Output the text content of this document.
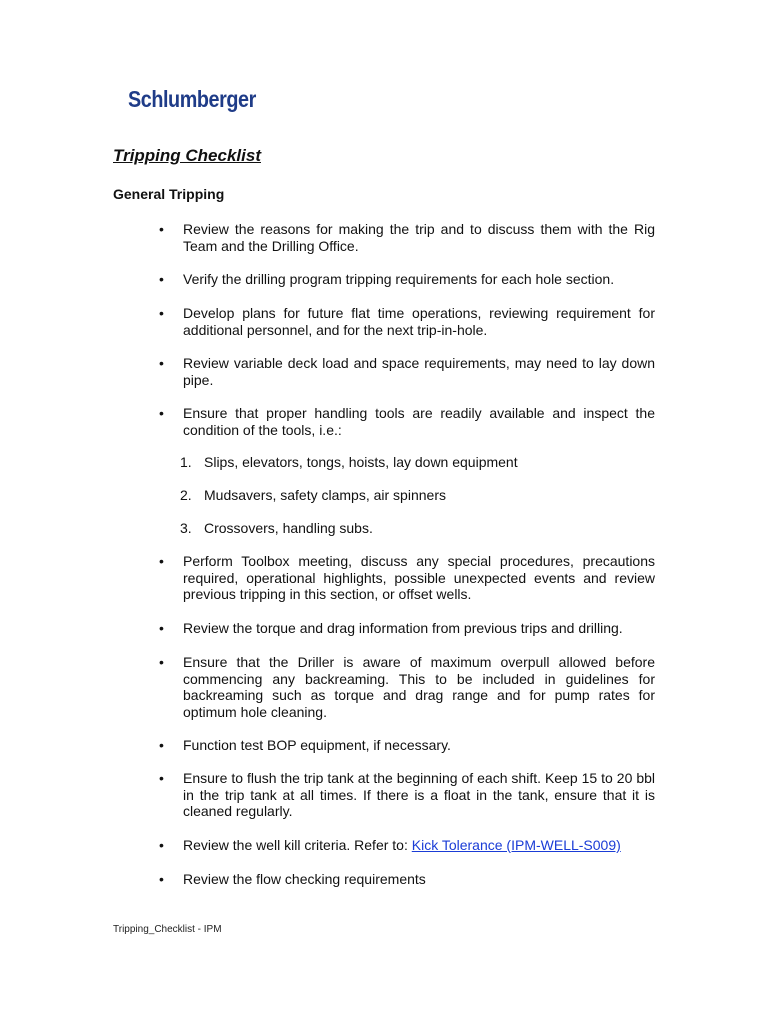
Schlumberger
Tripping Checklist
General Tripping
• Review the reasons for making the trip and to discuss them with the Rig Team and the Drilling Office.
• Verify the drilling program tripping requirements for each hole section.
• Develop plans for future flat time operations, reviewing requirement for additional personnel, and for the next trip-in-hole.
• Review variable deck load and space requirements, may need to lay down pipe.
• Ensure that proper handling tools are readily available and inspect the condition of the tools, i.e.:
1. Slips, elevators, tongs, hoists, lay down equipment
2. Mudsavers, safety clamps, air spinners
3. Crossovers, handling subs.
• Perform Toolbox meeting, discuss any special procedures, precautions required, operational highlights, possible unexpected events and review previous tripping in this section, or offset wells.
• Review the torque and drag information from previous trips and drilling.
• Ensure that the Driller is aware of maximum overpull allowed before commencing any backreaming. This to be included in guidelines for backreaming such as torque and drag range and for pump rates for optimum hole cleaning.
• Function test BOP equipment, if necessary.
• Ensure to flush the trip tank at the beginning of each shift. Keep 15 to 20 bbl in the trip tank at all times. If there is a float in the tank, ensure that it is cleaned regularly.
• Review the well kill criteria. Refer to: Kick Tolerance (IPM-WELL-S009)
• Review the flow checking requirements
Tripping_Checklist - IPM
